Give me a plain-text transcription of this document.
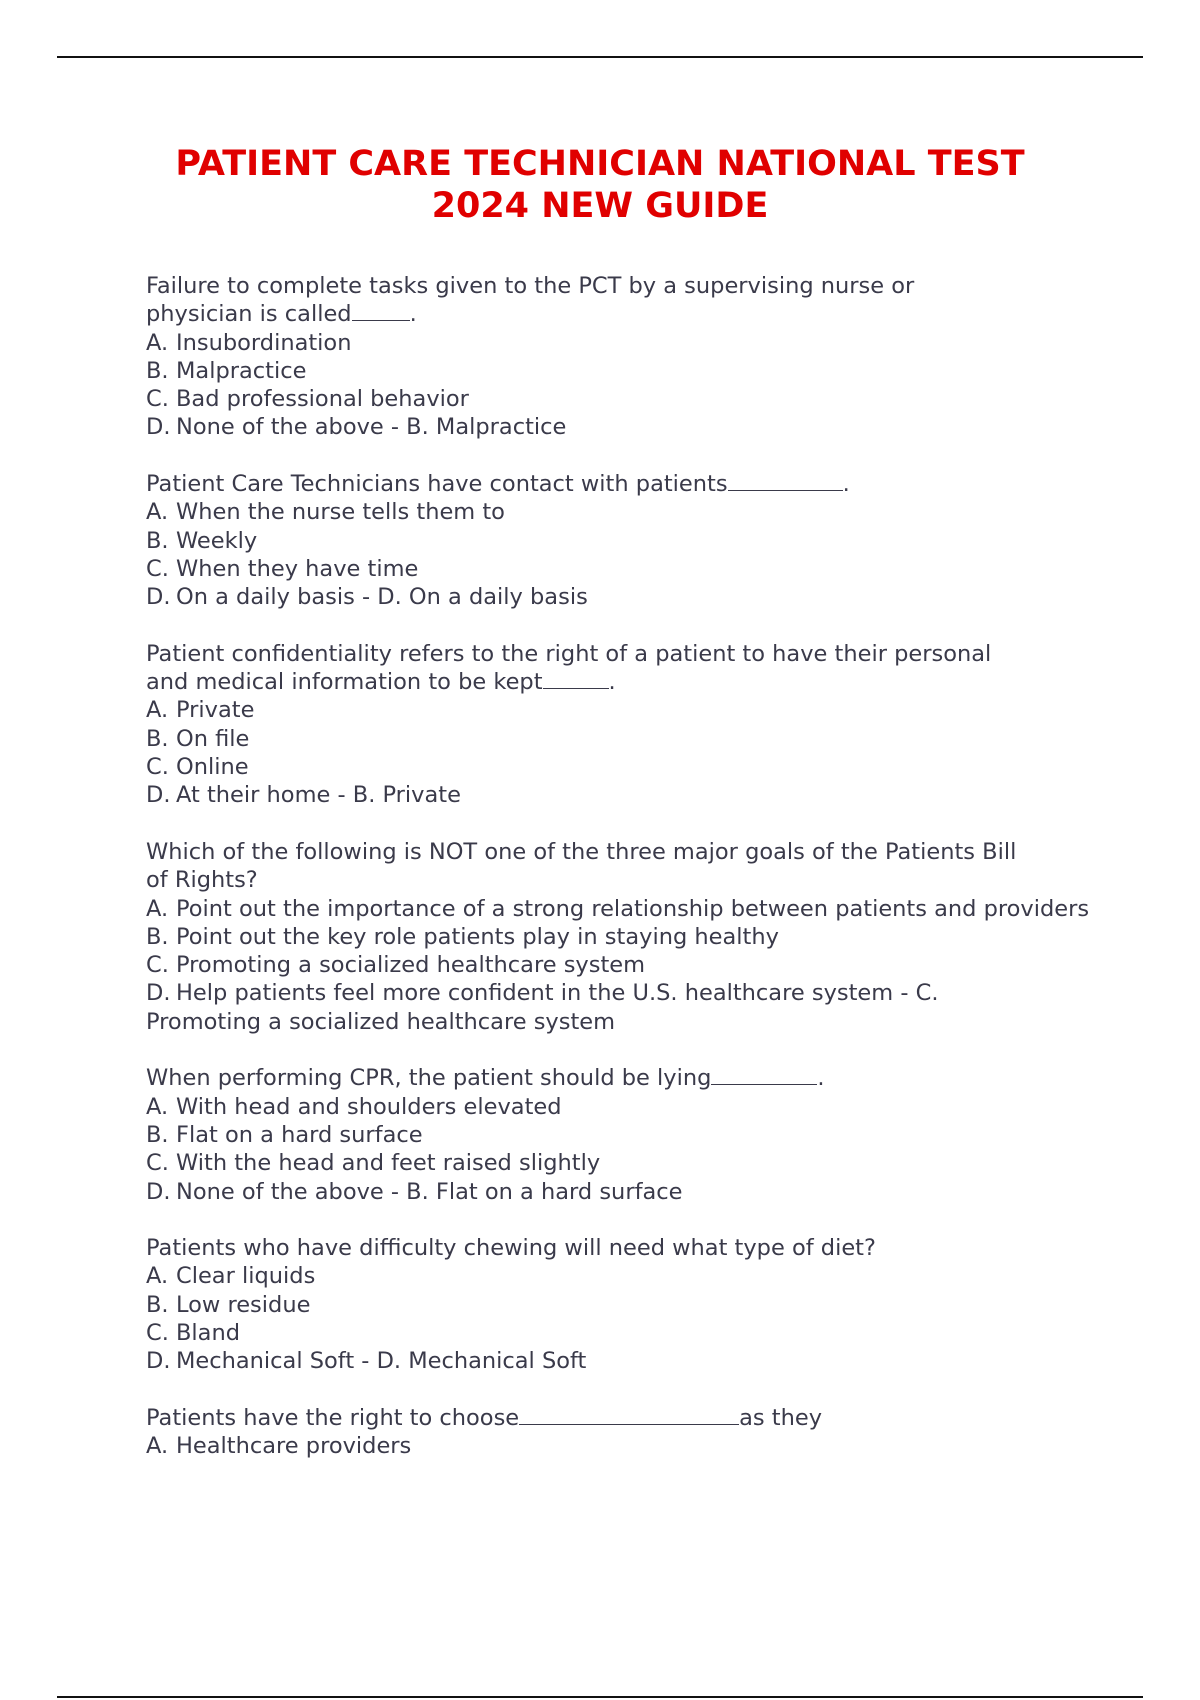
PATIENT CARE TECHNICIAN NATIONAL TEST
2024 NEW GUIDE
Failure to complete tasks given to the PCT by a supervising nurse or
physician is called	.
A. Insubordination
B. Malpractice
C. Bad professional behavior
D. None of the above - B. Malpractice
Patient Care Technicians have contact with patients	.
A. When the nurse tells them to
B. Weekly
C. When they have time
D. On a daily basis - D. On a daily basis
Patient confidentiality refers to the right of a patient to have their personal
and medical information to be kept	.
A. Private
B. On file
C. Online
D. At their home - B. Private
Which of the following is NOT one of the three major goals of the Patients Bill
of Rights?
A. Point out the importance of a strong relationship between patients and providers
B. Point out the key role patients play in staying healthy
C. Promoting a socialized healthcare system
D. Help patients feel more confident in the U.S. healthcare system - C.
Promoting a socialized healthcare system
When performing CPR, the patient should be lying	.
A. With head and shoulders elevated
B. Flat on a hard surface
C. With the head and feet raised slightly
D. None of the above - B. Flat on a hard surface
Patients who have difficulty chewing will need what type of diet?
A. Clear liquids
B. Low residue
C. Bland
D. Mechanical Soft - D. Mechanical Soft
Patients have the right to choose	as they
A. Healthcare providers
